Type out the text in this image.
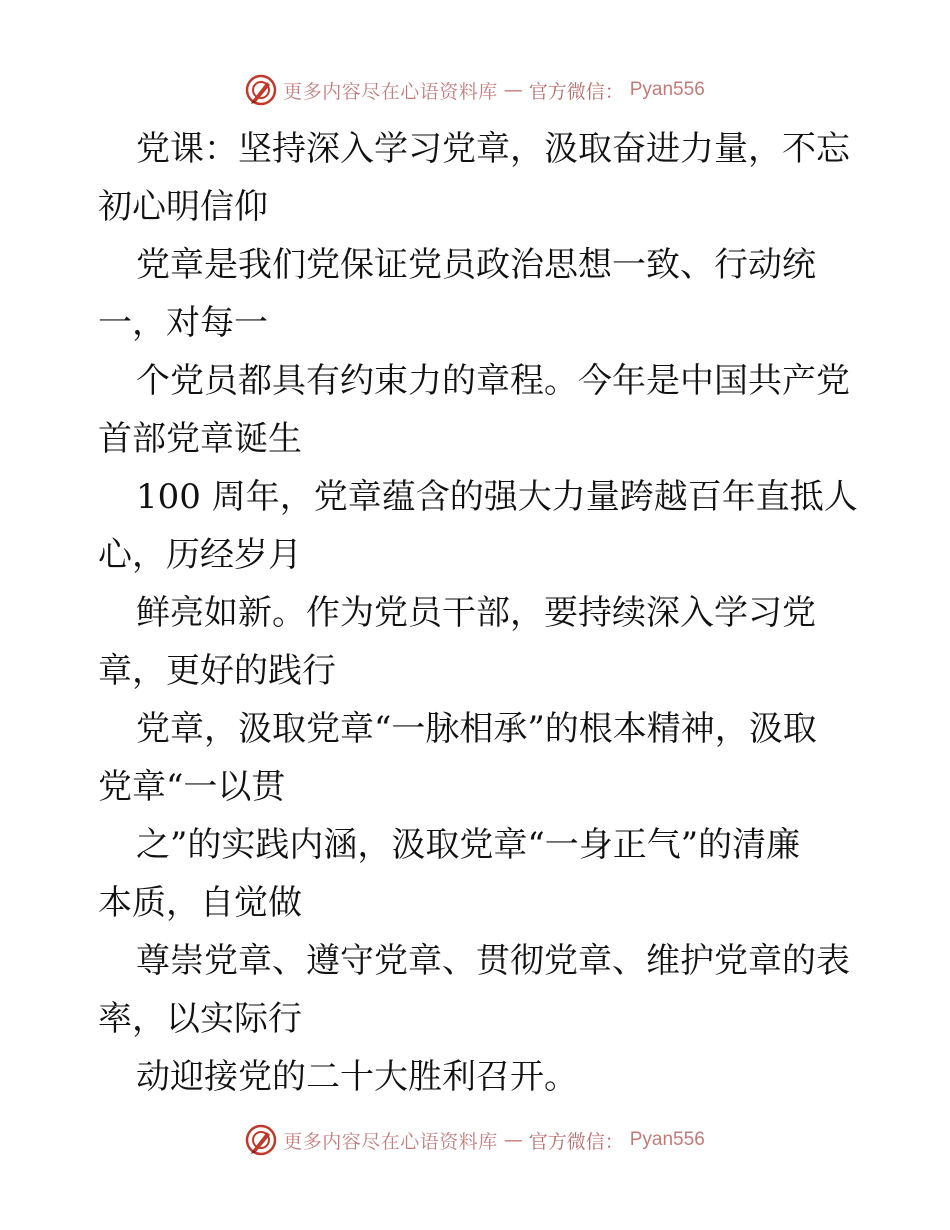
更多内容尽在心语资料库 — 官方微信： Pyan556

党课：坚持深入学习党章，汲取奋进力量，不忘
初心明信仰

党章是我们党保证党员政治思想一致、行动统
一，对每一

个党员都具有约束力的章程。今年是中国共产党
首部党章诞生

100 周年，党章蕴含的强大力量跨越百年直抵人
心，历经岁月

鲜亮如新。作为党员干部，要持续深入学习党
章，更好的践行

党章，汲取党章“一脉相承”的根本精神，汲取
党章“一以贯

之”的实践内涵，汲取党章“一身正气”的清廉
本质，自觉做

尊崇党章、遵守党章、贯彻党章、维护党章的表
率，以实际行

动迎接党的二十大胜利召开。

更多内容尽在心语资料库 — 官方微信： Pyan556
